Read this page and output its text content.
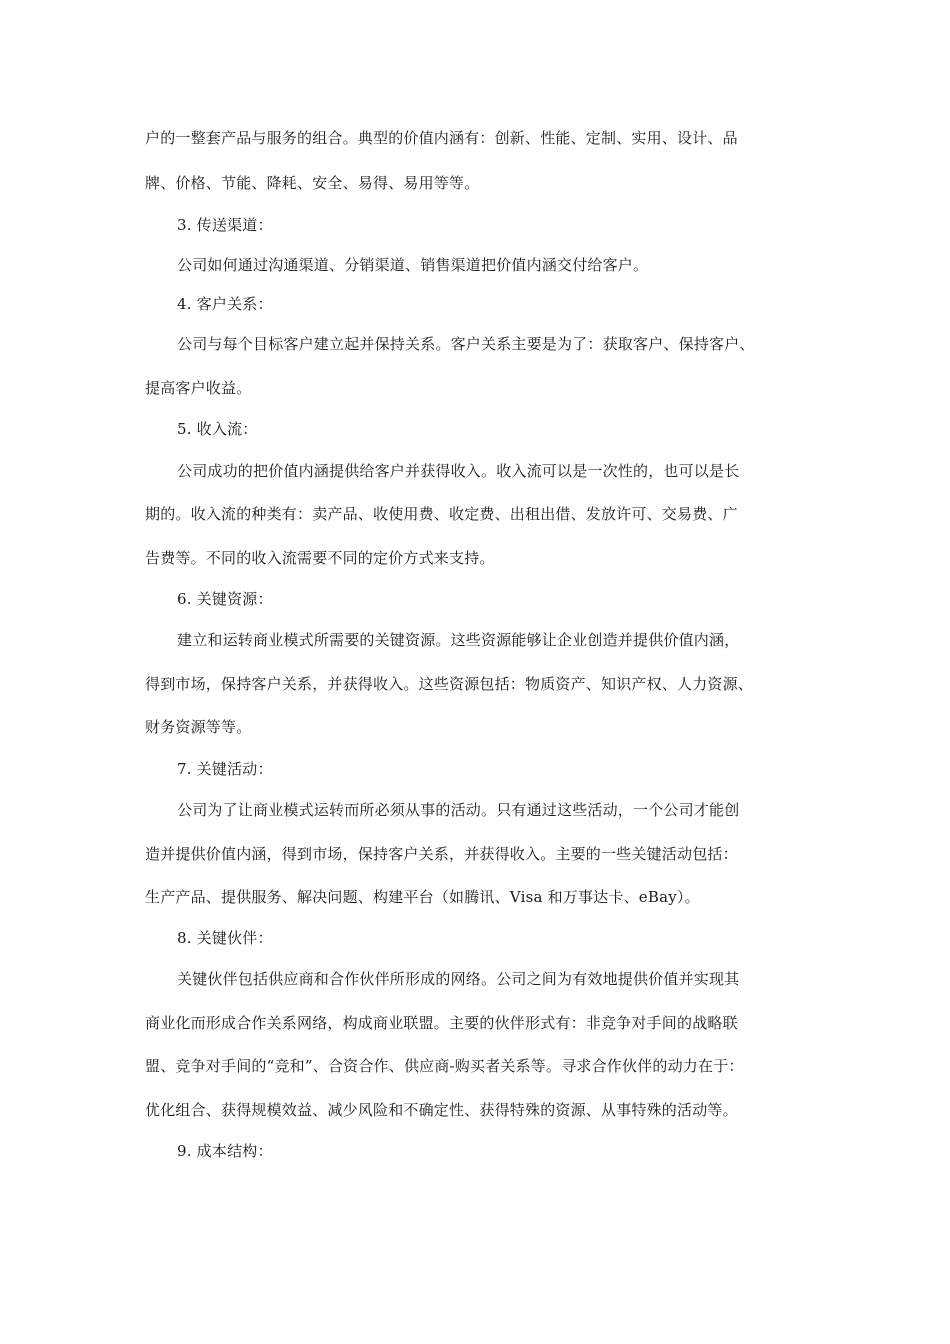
户的一整套产品与服务的组合。典型的价值内涵有：创新、性能、定制、实用、设计、品
牌、价格、节能、降耗、安全、易得、易用等等。
3. 传送渠道：
公司如何通过沟通渠道、分销渠道、销售渠道把价值内涵交付给客户。
4. 客户关系：
公司与每个目标客户建立起并保持关系。客户关系主要是为了：获取客户、保持客户、
提高客户收益。
5. 收入流：
公司成功的把价值内涵提供给客户并获得收入。收入流可以是一次性的，也可以是长
期的。收入流的种类有：卖产品、收使用费、收定费、出租出借、发放许可、交易费、广
告费等。不同的收入流需要不同的定价方式来支持。
6. 关键资源：
建立和运转商业模式所需要的关键资源。这些资源能够让企业创造并提供价值内涵，
得到市场，保持客户关系，并获得收入。这些资源包括：物质资产、知识产权、人力资源、
财务资源等等。
7. 关键活动：
公司为了让商业模式运转而所必须从事的活动。只有通过这些活动，一个公司才能创
造并提供价值内涵，得到市场，保持客户关系，并获得收入。主要的一些关键活动包括：
生产产品、提供服务、解决问题、构建平台（如腾讯、Visa 和万事达卡、eBay）。
8. 关键伙伴：
关键伙伴包括供应商和合作伙伴所形成的网络。公司之间为有效地提供价值并实现其
商业化而形成合作关系网络，构成商业联盟。主要的伙伴形式有：非竞争对手间的战略联
盟、竞争对手间的“竞和”、合资合作、供应商-购买者关系等。寻求合作伙伴的动力在于：
优化组合、获得规模效益、减少风险和不确定性、获得特殊的资源、从事特殊的活动等。
9. 成本结构：
